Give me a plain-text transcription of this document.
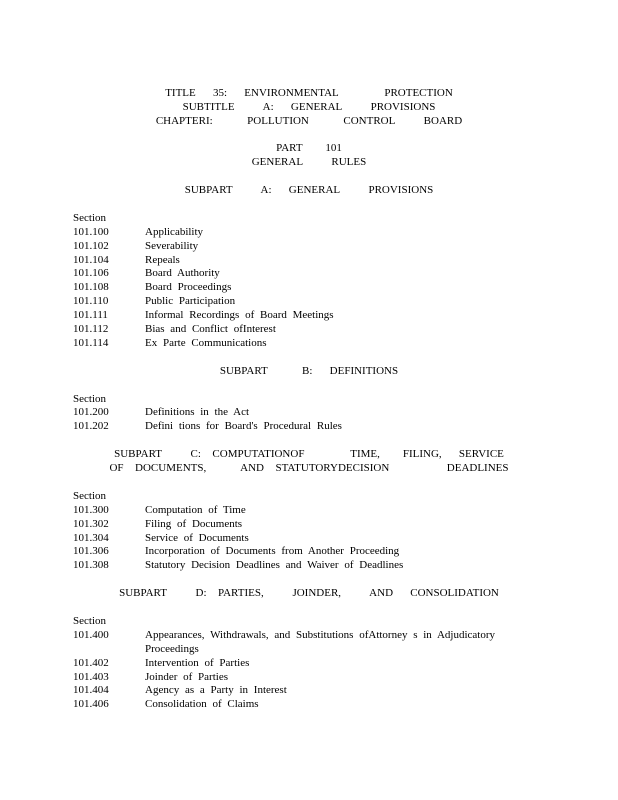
TITLE   35:   ENVIRONMENTAL        PROTECTION
SUBTITLE     A:   GENERAL     PROVISIONS
CHAPTERI:      POLLUTION      CONTROL     BOARD
PART    101
GENERAL     RULES
SUBPART     A:   GENERAL     PROVISIONS
Section
101.100	Applicability
101.102	Severability
101.104	Repeals
101.106	Board Authority
101.108	Board Proceedings
101.110	Public Participation
101.111	Informal Recordings of Board Meetings
101.112	Bias and Conflict ofInterest
101.114	Ex Parte Communications
SUBPART      B:   DEFINITIONS
Section
101.200	Definitions in the Act
101.202	Defini tions for Board's Procedural Rules
SUBPART     C:  COMPUTATIONOF        TIME,    FILING,   SERVICE
OF  DOCUMENTS,      AND  STATUTORYDECISION          DEADLINES
Section
101.300	Computation of Time
101.302	Filing of Documents
101.304	Service of Documents
101.306	Incorporation of Documents from Another Proceeding
101.308	Statutory Decision Deadlines and Waiver of Deadlines
SUBPART     D:  PARTIES,     JOINDER,     AND   CONSOLIDATION
Section
101.400	Appearances, Withdrawals, and Substitutions ofAttorney s in Adjudicatory
Proceedings
101.402	Intervention of Parties
101.403	Joinder of Parties
101.404	Agency as a Party in Interest
101.406	Consolidation of Claims
